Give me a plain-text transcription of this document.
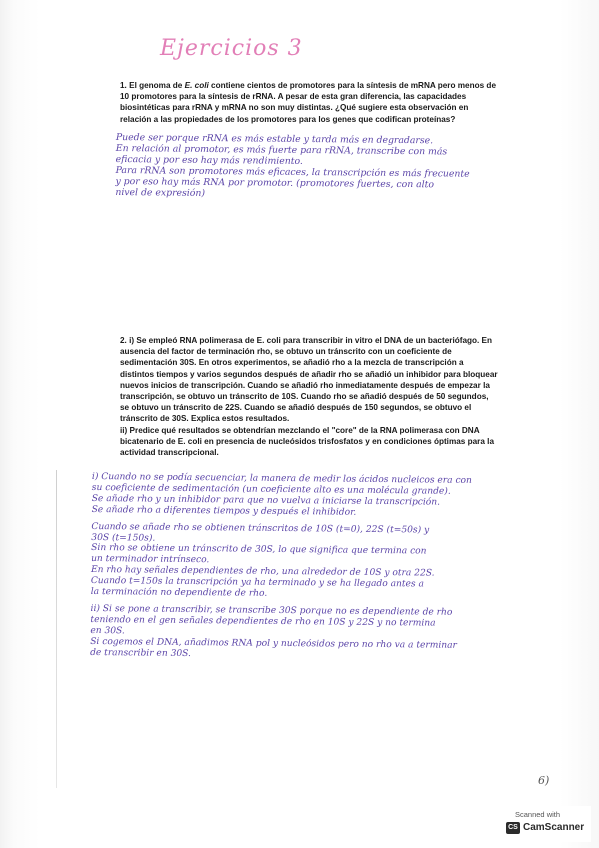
Ejercicios 3

1. El genoma de E. coli contiene cientos de promotores para la síntesis de mRNA pero menos de 10 promotores para la síntesis de rRNA. A pesar de esta gran diferencia, las capacidades biosintéticas para rRNA y mRNA no son muy distintas. ¿Qué sugiere esta observación en relación a las propiedades de los promotores para los genes que codifican proteínas?

Puede ser porque rRNA es más estable y tarda más en degradarse.
En relación al promotor, es más fuerte para rRNA, transcribe con más
eficacia y por eso hay más rendimiento.
Para rRNA son promotores más eficaces, la transcripción es más frecuente
y por eso hay más RNA por promotor. (promotores fuertes, con alto
nivel de expresión)

2. i) Se empleó RNA polimerasa de E. coli para transcribir in vitro el DNA de un bacteriófago. En ausencia del factor de terminación rho, se obtuvo un tránscrito con un coeficiente de sedimentación 30S. En otros experimentos, se añadió rho a la mezcla de transcripción a distintos tiempos y varios segundos después de añadir rho se añadió un inhibidor para bloquear nuevos inicios de transcripción. Cuando se añadió rho inmediatamente después de empezar la transcripción, se obtuvo un tránscrito de 10S. Cuando rho se añadió después de 50 segundos, se obtuvo un tránscrito de 22S. Cuando se añadió después de 150 segundos, se obtuvo el tránscrito de 30S. Explica estos resultados.

ii) Predice qué resultados se obtendrían mezclando el "core" de la RNA polimerasa con DNA bicatenario de E. coli en presencia de nucleósidos trisfosfatos y en condiciones óptimas para la actividad transcripcional.

i) Cuando no se podía secuenciar, la manera de medir los ácidos nucleicos era con
su coeficiente de sedimentación (un coeficiente alto es una molécula grande).
Se añade rho y un inhibidor para que no vuelva a iniciarse la transcripción.
Se añade rho a diferentes tiempos y después el inhibidor.
Cuando se añade rho se obtienen tránscritos de 10S (t=0), 22S (t=50s) y
30S (t=150s).
Sin rho se obtiene un tránscrito de 30S, lo que significa que termina con
un terminador intrínseco.
En rho hay señales dependientes de rho, una alrededor de 10S y otra 22S.
Cuando t=150s la transcripción ya ha terminado y se ha llegado antes a
la terminación no dependiente de rho.
ii) Si se pone a transcribir, se transcribe 30S porque no es dependiente de rho
teniendo en el gen señales dependientes de rho en 10S y 22S y no termina
en 30S.
Si cogemos el DNA, añadimos RNA pol y nucleósidos pero no rho va a terminar
de transcribir en 30S.
6)
Scanned with
CS CamScanner
